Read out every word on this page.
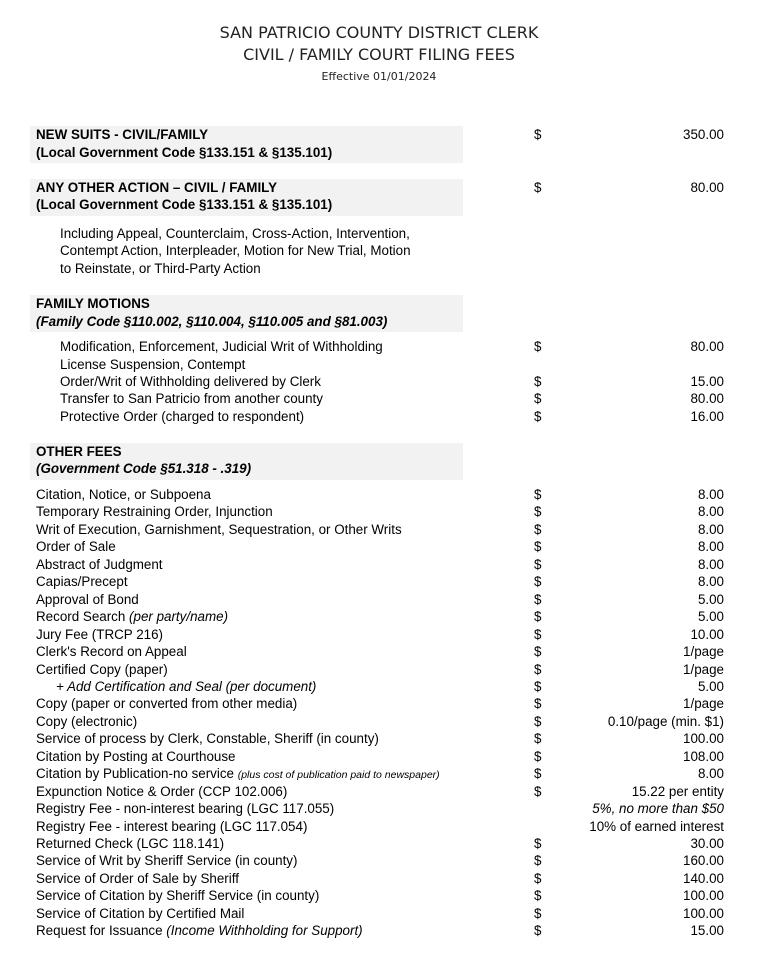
SAN PATRICIO COUNTY DISTRICT CLERK
CIVIL / FAMILY COURT FILING FEES
Effective 01/01/2024
NEW SUITS - CIVIL/FAMILY
(Local Government Code §133.151 & §135.101)
$	350.00
ANY OTHER ACTION – CIVIL / FAMILY
(Local Government Code §133.151 & §135.101)
$	80.00
Including Appeal, Counterclaim, Cross-Action, Intervention,
Contempt Action, Interpleader, Motion for New Trial, Motion
to Reinstate, or Third-Party Action
FAMILY MOTIONS
(Family Code §110.002, §110.004, §110.005 and §81.003)
Modification, Enforcement, Judicial Writ of Withholding	$	80.00
License Suspension, Contempt
Order/Writ of Withholding delivered by Clerk	$	15.00
Transfer to San Patricio from another county	$	80.00
Protective Order (charged to respondent)	$	16.00
OTHER FEES
(Government Code §51.318 - .319)
Citation, Notice, or Subpoena	$	8.00
Temporary Restraining Order, Injunction	$	8.00
Writ of Execution, Garnishment, Sequestration, or Other Writs	$	8.00
Order of Sale	$	8.00
Abstract of Judgment	$	8.00
Capias/Precept	$	8.00
Approval of Bond	$	5.00
Record Search (per party/name)	$	5.00
Jury Fee (TRCP 216)	$	10.00
Clerk's Record on Appeal	$	1/page
Certified Copy (paper)	$	1/page
+ Add Certification and Seal (per document)	$	5.00
Copy (paper or converted from other media)	$	1/page
Copy (electronic)	$	0.10/page (min. $1)
Service of process by Clerk, Constable, Sheriff (in county)	$	100.00
Citation by Posting at Courthouse	$	108.00
Citation by Publication-no service (plus cost of publication paid to newspaper)	$	8.00
Expunction Notice & Order (CCP 102.006)	$	15.22 per entity
Registry Fee - non-interest bearing (LGC 117.055)	5%, no more than $50
Registry Fee - interest bearing (LGC 117.054)	10% of earned interest
Returned Check (LGC 118.141)	$	30.00
Service of Writ by Sheriff Service (in county)	$	160.00
Service of Order of Sale by Sheriff	$	140.00
Service of Citation by Sheriff Service (in county)	$	100.00
Service of Citation by Certified Mail	$	100.00
Request for Issuance (Income Withholding for Support)	$	15.00
